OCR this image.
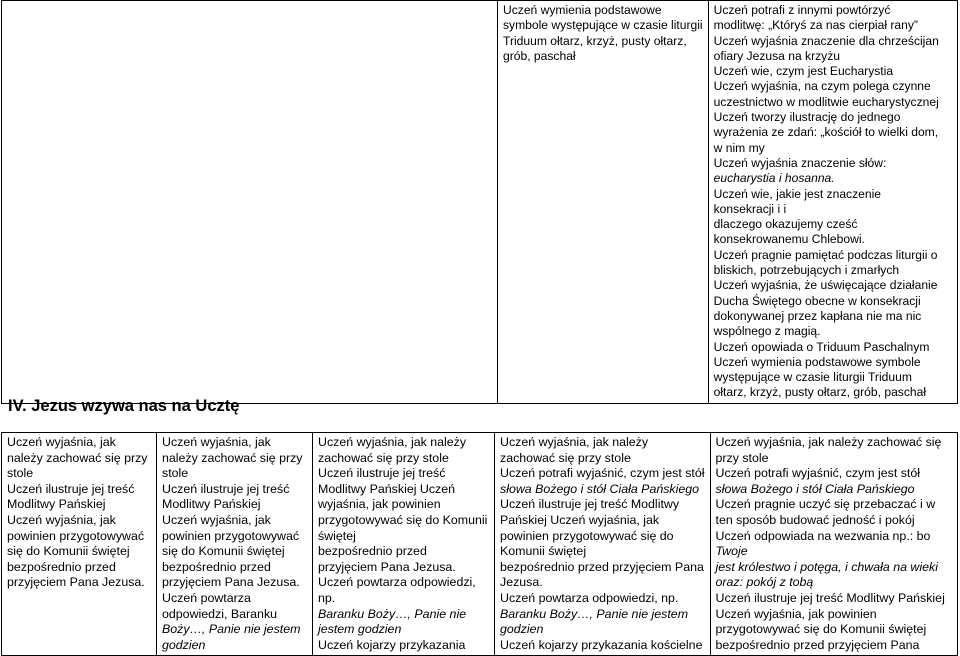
Uczeń wymienia podstawowe
symbole występujące w czasie liturgii
Triduum ołtarz, krzyż, pusty ołtarz,
grób, paschał

Uczeń potrafi z innymi powtórzyć
modlitwę: „Któryś za nas cierpiał rany”
Uczeń wyjaśnia znaczenie dla chrześcijan
ofiary Jezusa na krzyżu
Uczeń wie, czym jest Eucharystia
Uczeń wyjaśnia, na czym polega czynne
uczestnictwo w modlitwie eucharystycznej
Uczeń tworzy ilustrację do jednego
wyrażenia ze zdań: „kościół to wielki dom,
w nim my
Uczeń wyjaśnia znaczenie słów:
eucharystia i hosanna.
Uczeń wie, jakie jest znaczenie
konsekracji i i
dlaczego okazujemy cześć
konsekrowanemu Chlebowi.
Uczeń pragnie pamiętać podczas liturgii o
bliskich, potrzebujących i zmarłych
Uczeń wyjaśnia, że uświęcające działanie
Ducha Świętego obecne w konsekracji
dokonywanej przez kapłana nie ma nic
wspólnego z magią.
Uczeń opowiada o Triduum Paschalnym
Uczeń wymienia podstawowe symbole
występujące w czasie liturgii Triduum
ołtarz, krzyż, pusty ołtarz, grób, paschał
IV. Jezus wzywa nas na Ucztę
Uczeń wyjaśnia, jak
należy zachować się przy
stole
Uczeń ilustruje jej treść
Modlitwy Pańskiej
Uczeń wyjaśnia, jak
powinien przygotowywać
się do Komunii świętej
bezpośrednio przed
przyjęciem Pana Jezusa.

Uczeń wyjaśnia, jak
należy zachować się przy
stole
Uczeń ilustruje jej treść
Modlitwy Pańskiej
Uczeń wyjaśnia, jak
powinien przygotowywać
się do Komunii świętej
bezpośrednio przed
przyjęciem Pana Jezusa.
Uczeń powtarza
odpowiedzi, Baranku
Boży…, Panie nie jestem
godzien

Uczeń wyjaśnia, jak należy
zachować się przy stole
Uczeń ilustruje jej treść
Modlitwy Pańskiej Uczeń
wyjaśnia, jak powinien
przygotowywać się do Komunii
świętej
bezpośrednio przed
przyjęciem Pana Jezusa.
Uczeń powtarza odpowiedzi,
np.
Baranku Boży…, Panie nie
jestem godzien
Uczeń kojarzy przykazania

Uczeń wyjaśnia, jak należy
zachować się przy stole
Uczeń potrafi wyjaśnić, czym jest stół
słowa Bożego i stół Ciała Pańskiego
Uczeń ilustruje jej treść Modlitwy
Pańskiej Uczeń wyjaśnia, jak
powinien przygotowywać się do
Komunii świętej
bezpośrednio przed przyjęciem Pana
Jezusa.
Uczeń powtarza odpowiedzi, np.
Baranku Boży…, Panie nie jestem
godzien
Uczeń kojarzy przykazania kościelne

Uczeń wyjaśnia, jak należy zachować się
przy stole
Uczeń potrafi wyjaśnić, czym jest stół
słowa Bożego i stół Ciała Pańskiego
Uczeń pragnie uczyć się przebaczać i w
ten sposób budować jedność i pokój
Uczeń odpowiada na wezwania np.: bo
Twoje
jest królestwo i potęga, i chwała na wieki
oraz: pokój z tobą
Uczeń ilustruje jej treść Modlitwy Pańskiej
Uczeń wyjaśnia, jak powinien
przygotowywać się do Komunii świętej
bezpośrednio przed przyjęciem Pana
